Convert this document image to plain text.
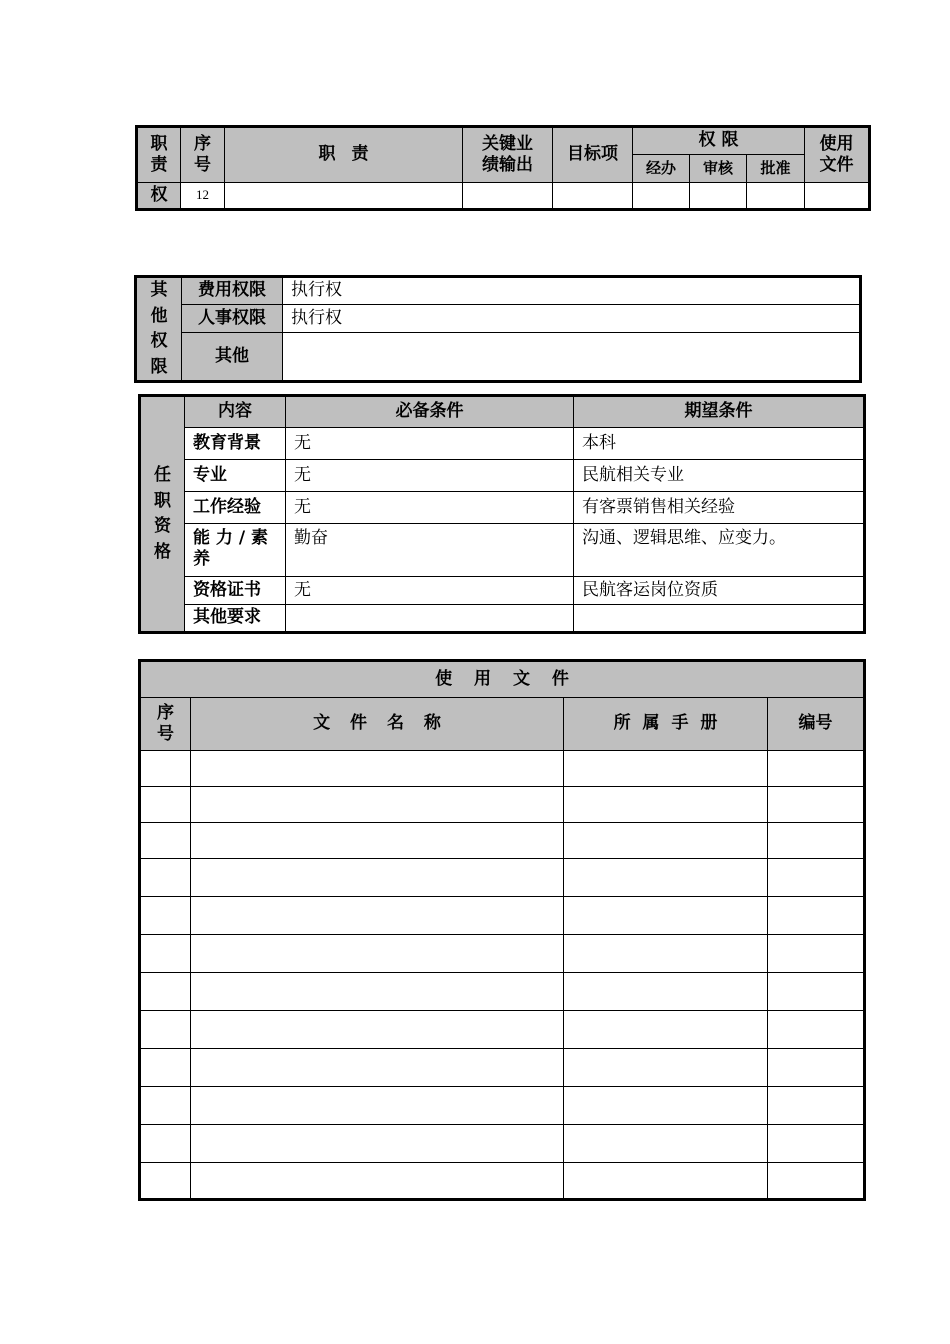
职责	序号	职 责	关键业绩输出	目标项	权 限			使用文件
					经办	审核	批准	
权	12							
其他权限	费用权限	执行权
	人事权限	执行权
	其他	
任职资格	内容	必备条件	期望条件
	教育背景	无	本科
	专业	无	民航相关专业
	工作经验	无	有客票销售相关经验
	能 力 / 素 养	勤奋	沟通、逻辑思维、应变力。
	资格证书	无	民航客运岗位资质
	其他要求		
使 用 文 件			
序号	文 件 名 称	所 属 手 册	编号
